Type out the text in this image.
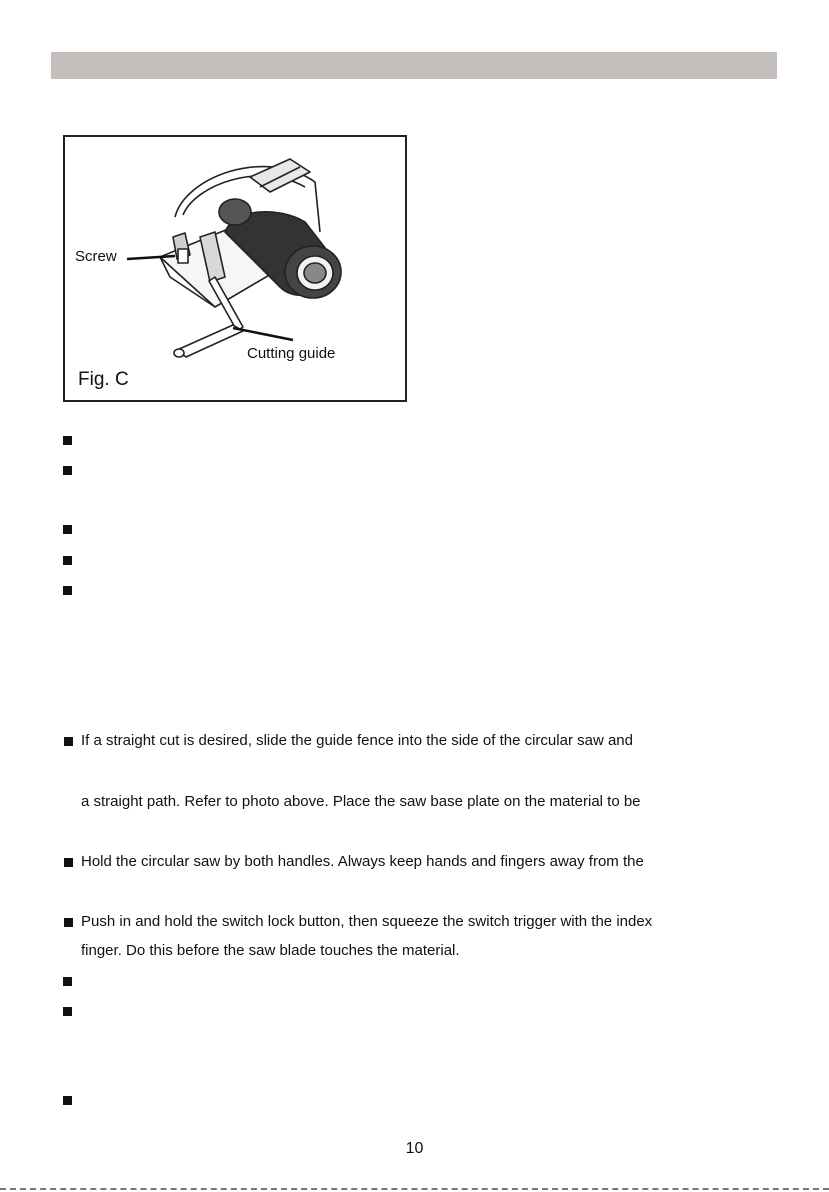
Screw
Cutting guide
Fig. C
If a straight cut is desired, slide the guide fence into the side of the circular saw and
a straight path. Refer to photo above. Place the saw base plate on the material to be
Hold the circular saw by both handles. Always keep hands and fingers away from the
Push in and hold the switch lock button, then squeeze the switch trigger with the index
finger. Do this before the saw blade touches the material.
10
